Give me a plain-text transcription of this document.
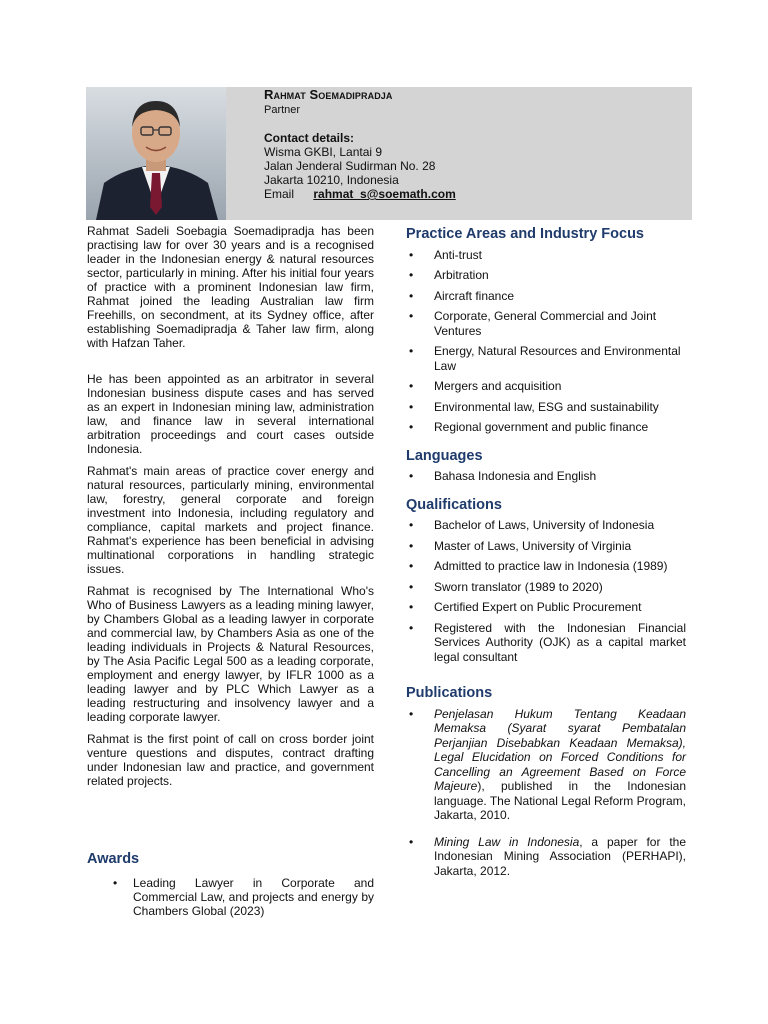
Rahmat Soemadipradja
Partner
Contact details:
Wisma GKBI, Lantai 9
Jalan Jenderal Sudirman No. 28
Jakarta 10210, Indonesia
Email rahmat_s@soemath.com

Rahmat Sadeli Soebagia Soemadipradja has been practising law for over 30 years and is a recognised leader in the Indonesian energy & natural resources sector, particularly in mining. After his initial four years of practice with a prominent Indonesian law firm, Rahmat joined the leading Australian law firm Freehills, on secondment, at its Sydney office, after establishing Soemadipradja & Taher law firm, along with Hafzan Taher.

He has been appointed as an arbitrator in several Indonesian business dispute cases and has served as an expert in Indonesian mining law, administration law, and finance law in several international arbitration proceedings and court cases outside Indonesia.

Rahmat's main areas of practice cover energy and natural resources, particularly mining, environmental law, forestry, general corporate and foreign investment into Indonesia, including regulatory and compliance, capital markets and project finance. Rahmat's experience has been beneficial in advising multinational corporations in handling strategic issues.

Rahmat is recognised by The International Who's Who of Business Lawyers as a leading mining lawyer, by Chambers Global as a leading lawyer in corporate and commercial law, by Chambers Asia as one of the leading individuals in Projects & Natural Resources, by The Asia Pacific Legal 500 as a leading corporate, employment and energy lawyer, by IFLR 1000 as a leading lawyer and by PLC Which Lawyer as a leading restructuring and insolvency lawyer and a leading corporate lawyer.

Rahmat is the first point of call on cross border joint venture questions and disputes, contract drafting under Indonesian law and practice, and government related projects.

Awards
• Leading Lawyer in Corporate and Commercial Law, and projects and energy by Chambers Global (2023)
Practice Areas and Industry Focus
• Anti-trust
• Arbitration
• Aircraft finance
• Corporate, General Commercial and Joint Ventures
• Energy, Natural Resources and Environmental Law
• Mergers and acquisition
• Environmental law, ESG and sustainability
• Regional government and public finance
Languages
• Bahasa Indonesia and English
Qualifications
• Bachelor of Laws, University of Indonesia
• Master of Laws, University of Virginia
• Admitted to practice law in Indonesia (1989)
• Sworn translator (1989 to 2020)
• Certified Expert on Public Procurement
• Registered with the Indonesian Financial Services Authority (OJK) as a capital market legal consultant
Publications
• Penjelasan Hukum Tentang Keadaan Memaksa (Syarat syarat Pembatalan Perjanjian Disebabkan Keadaan Memaksa), Legal Elucidation on Forced Conditions for Cancelling an Agreement Based on Force Majeure), published in the Indonesian language. The National Legal Reform Program, Jakarta, 2010.
• Mining Law in Indonesia, a paper for the Indonesian Mining Association (PERHAPI), Jakarta, 2012.
